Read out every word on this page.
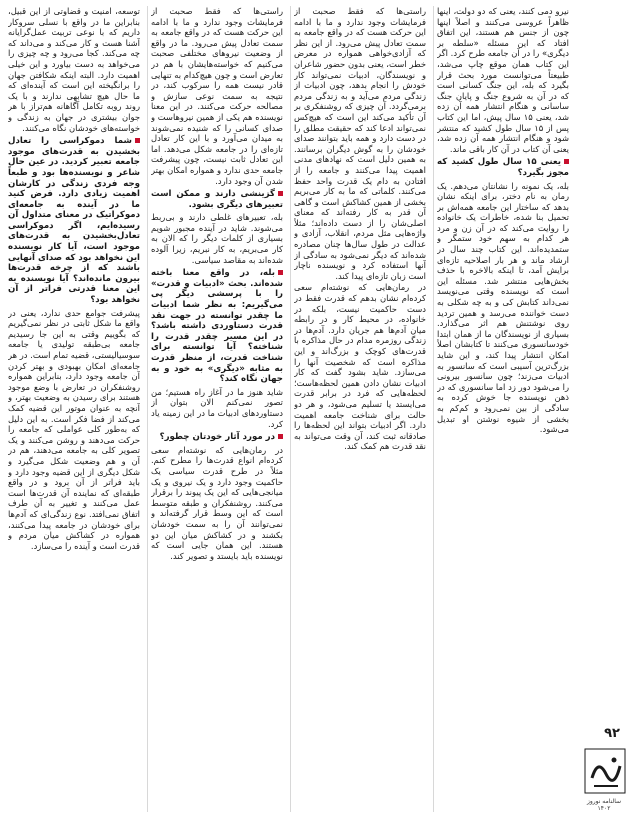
توسعه، امنیت و قضاوتی از این قبیل، بنابراین ما در واقع با نسلی سروکار داریم که با نوعی تربیت عمل‌گرایانه آشنا هست و کار می‌کند و می‌داند که چه می‌کند. کجا می‌رود و چه چیزی را می‌خواهد به دست بیاورد و این خیلی اهمیت دارد. البته اینکه شکافتن جهان را برانگیخته این است که آینده‌ای که ما حال هیچ تشابهی ندارند و با یک روند روبه تکامل آگاهانه هم‌تراز با هر جوان بیشتری در جهان به زندگی و خواسته‌های خودشان نگاه می‌کنند.

شما دموکراسی را تعادل بخشیدن به قدرت‌های موجود جامعه تعبیر کردید. در عین حال شاعر و نویسنده‌ها بود و طبعاً وجه فردی زندگی در کارشان اهمیت زیادی دارد. فرض کنید ما در آینده به جامعه‌ای دموکراتیک در معنای متداول آن رسیده‌ایم، اگر دموکراسی تعادل‌بخشیدن به قدرت‌های موجود است، آیا کار نویسنده این نخواهد بود که صدای آنهایی باشند که از چرخه قدرت‌ها بیرون مانده‌اند؟ آیا نویسنده به این معنا قدرتی فراتر از آن نخواهد بود؟

پیشرفت جوامع حدی ندارد، یعنی در واقع ما شکل ثابتی در نظر نمی‌گیریم که بگوییم وقتی به این جا رسیدیم جامعه بی‌طبقه تولیدی یا جامعه سوسیالیستی، قضیه تمام است. در هر جامعه‌ای امکان بهبودی و بهتر کردن آن جامعه وجود دارد، بنابراین همواره روشنفکران در تعارض با وضع موجود هستند برای رسیدن به وضعیت بهتر، و آنچه به عنوان موتور این قضیه کمک می‌کند از فضا فکر است. به این دلیل که به‌طور کلی عواملی که جامعه را حرکت می‌دهند و روشن می‌کنند و یک تصویر کلی به جامعه می‌دهند، هم در آن و هم وضعیت شکل می‌گیرد و شکل دیگری از این قضیه وجود دارد و باید فراتر از آن برود و در واقع طبقه‌ای که نماینده آن قدرت‌ها است عمل می‌کنند و تغییر به آن طرف اتفاق نمی‌افتد. نوع زندگی‌ای که آدم‌ها برای خودشان در جامعه پیدا می‌کنند، همواره در کشاکش میان مردم و قدرت است و آینده را می‌سازد.

راستی‌ها که فقط صحبت از فرمایشات وجود ندارد و ما با ادامه این حرکت هست که در واقع جامعه به سمت تعادل پیش می‌رود. ما در واقع از وضعیت نیروهای مختلفی صحبت می‌کنیم که خواسته‌هایشان با هم در تعارض است و چون هیچ‌کدام به تنهایی قادر نیست همه را سرکوب کند، در نتیجه به سمت نوعی سازش و مصالحه حرکت می‌کنند. در این معنا نویسنده هم یکی از همین نیروهاست و صدای کسانی را که شنیده نمی‌شوند به میدان می‌آورد و با این کار تعادل تازه‌ای را در جامعه شکل می‌دهد. اما این تعادل ثابت نیست، چون پیشرفت جامعه حدی ندارد و همواره امکان بهتر شدن آن وجود دارد.

گزینشی دارند و ممکن است تعبیرهای دیگری بشود.

بله، تعبیرهای غلطی دارند و بی‌ربط می‌شوند. شاید در آینده مجبور شویم بسیاری از کلمات دیگر را که الان به کار می‌بریم، به کار نبریم، زیرا آلوده شده‌اند به مقاصد سیاسی.

بله، در واقع معنا باخته شده‌اند. بحث «ادبیات و قدرت» را با پرسشی دیگر پی می‌گیریم: به نظر شما ادبیات ما چقدر توانسته در جهت نقد قدرت دستاوردی داشته باشد؟ در این مسیر چقدر قدرت را شناخته؟ آیا توانسته برای شناخت قدرت، از منظر قدرت به مثابه «دیگری» به خود و به جهان نگاه کند؟

شاید هنوز ما در آغاز راه هستیم؛ من تصور نمی‌کنم الان بتوان از دستاوردهای ادبیات ما در این زمینه یاد کرد.

در مورد آثار خودتان چطور؟

در رمان‌هایی که نوشته‌ام سعی کرده‌ام انواع قدرت‌ها را مطرح کنم. مثلاً در طرح قدرت سیاسی یک حاکمیت وجود دارد و یک نیروی و یک میانجی‌هایی که این یک پیوند را برقرار می‌کنند. روشنفکران و طبقه متوسط است که این وسط قرار گرفته‌اند و نمی‌توانند آن را به سمت خودشان بکشند و در کشاکش میان این دو هستند. این همان جایی است که نویسنده باید بایستد و تصویر کند.

راستی‌ها که فقط صحبت از فرمایشات وجود ندارد و ما با ادامه این حرکت هست که در واقع جامعه به سمت تعادل پیش می‌رود. از این نظر که آزادی‌خواهی همواره در معرض خطر است، یعنی بدون حضور شاعران و نویسندگان، ادبیات نمی‌تواند کار خودش را انجام بدهد، چون ادبیات از زندگی مردم می‌آید و به زندگی مردم برمی‌گردد. آن چیزی که روشنفکری بر آن تأکید می‌کند این است که هیچ‌کس نمی‌تواند ادعا کند که حقیقت مطلق را در دست دارد و همه باید بتوانند صدای خودشان را به گوش دیگران برسانند. به همین دلیل است که نهادهای مدنی اهمیت پیدا می‌کنند و جامعه را از افتادن به دام یک قدرت واحد حفظ می‌کنند. کلماتی که ما به کار می‌بریم بخشی از همین کشاکش است و گاهی آن قدر به کار رفته‌اند که معنای اصلی‌شان را از دست داده‌اند؛ مثلاً واژه‌هایی مثل مردم، انقلاب، آزادی و عدالت در طول سال‌ها چنان مصادره شده‌اند که دیگر نمی‌شود به سادگی از آنها استفاده کرد و نویسنده ناچار است زبان تازه‌ای پیدا کند.

در رمان‌هایی که نوشته‌ام سعی کرده‌ام نشان بدهم که قدرت فقط در دست حاکمیت نیست، بلکه در خانواده، در محیط کار و در رابطه میان آدم‌ها هم جریان دارد. آدم‌ها در زندگی روزمره مدام در حال مذاکره با قدرت‌های کوچک و بزرگ‌اند و این مذاکره است که شخصیت آنها را می‌سازد. شاید بشود گفت که کار ادبیات نشان دادن همین لحظه‌هاست؛ لحظه‌هایی که فرد در برابر قدرت می‌ایستد یا تسلیم می‌شود، و هر دو حالت برای شناخت جامعه اهمیت دارد. اگر ادبیات بتواند این لحظه‌ها را صادقانه ثبت کند، آن وقت می‌تواند به نقد قدرت هم کمک کند.

نیرو دمی کنند، یعنی که دو دولت، اینها ظاهراً عروسی می‌کنند و اصلاً اینها چون از جنس هم هستند، این اتفاق افتاد که این مسئله «سلطه بر دیگری» را در آن جامعه طرح کرد. اگر این کتاب همان موقع چاپ می‌شد، طبیعتاً می‌توانست مورد بحث قرار بگیرد که بله، این جنگ کسانی است که در آن به شروع جنگ و پایان جنگ ساسانی و هنگام انتشار همه آن زده شد، یعنی ۱۵ سال پیش، اما این کتاب پس از ۱۵ سال طول کشید که منتشر شود و هنگام انتشار همه آن زده شد، یعنی آن کتاب در آن کار باقی ماند.

یعنی ۱۵ سال طول کشید که مجوز بگیرد؟

بله، یک نمونه را نشانتان می‌دهم. یک رمان به نام دختر، برای اینکه نشان بدهد که ساختار این جامعه همه‌اش بر تحمیل بنا شده، خاطرات یک خانواده را روایت می‌کند که در آن زن و مرد هر کدام به سهم خود ستمگر و ستمدیده‌اند. این کتاب چند سال در ارشاد ماند و هر بار اصلاحیه تازه‌ای برایش آمد، تا اینکه بالاخره با حذف بخش‌هایی منتشر شد. مسئله این است که نویسنده وقتی می‌نویسد نمی‌داند کتابش کی و به چه شکلی به دست خواننده می‌رسد و همین تردید روی نوشتنش هم اثر می‌گذارد. بسیاری از نویسندگان ما از همان ابتدا خودسانسوری می‌کنند تا کتابشان اصلاً امکان انتشار پیدا کند، و این شاید بزرگ‌ترین آسیبی است که سانسور به ادبیات می‌زند؛ چون سانسور بیرونی را می‌شود دور زد اما سانسوری که در ذهن نویسنده جا خوش کرده به سادگی از بین نمی‌رود و کم‌کم به بخشی از شیوه نوشتن او تبدیل می‌شود.

۹۲
سالنامه نوروز ۱۴۰۲
